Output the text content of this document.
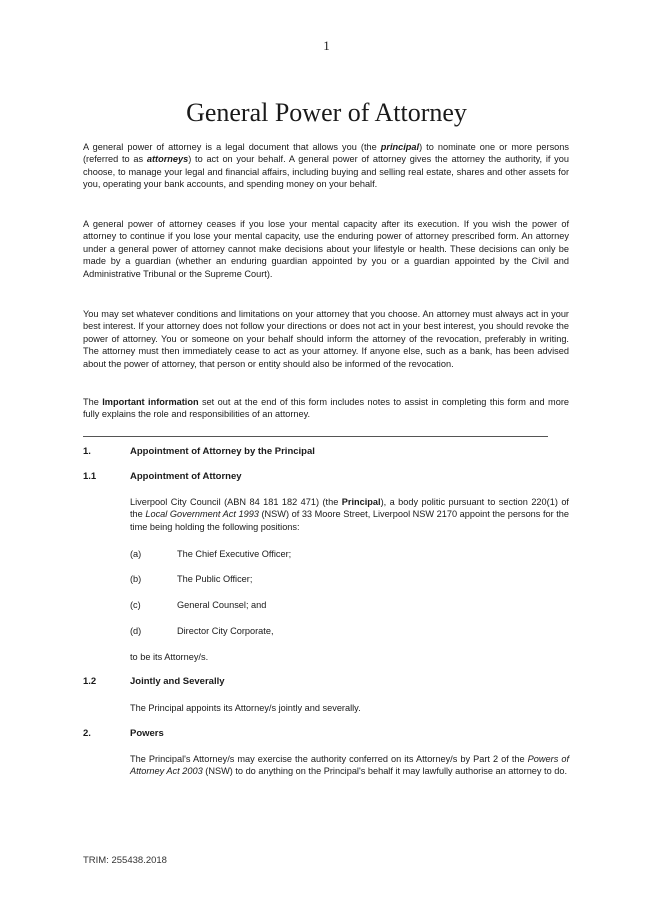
1
General Power of Attorney

A general power of attorney is a legal document that allows you (the principal) to nominate one or more persons (referred to as attorneys) to act on your behalf. A general power of attorney gives the attorney the authority, if you choose, to manage your legal and financial affairs, including buying and selling real estate, shares and other assets for you, operating your bank accounts, and spending money on your behalf.

A general power of attorney ceases if you lose your mental capacity after its execution. If you wish the power of attorney to continue if you lose your mental capacity, use the enduring power of attorney prescribed form. An attorney under a general power of attorney cannot make decisions about your lifestyle or health. These decisions can only be made by a guardian (whether an enduring guardian appointed by you or a guardian appointed by the Civil and Administrative Tribunal or the Supreme Court).

You may set whatever conditions and limitations on your attorney that you choose. An attorney must always act in your best interest. If your attorney does not follow your directions or does not act in your best interest, you should revoke the power of attorney. You or someone on your behalf should inform the attorney of the revocation, preferably in writing. The attorney must then immediately cease to act as your attorney. If anyone else, such as a bank, has been advised about the power of attorney, that person or entity should also be informed of the revocation.

The Important information set out at the end of this form includes notes to assist in completing this form and more fully explains the role and responsibilities of an attorney.

1.	Appointment of Attorney by the Principal
1.1	Appointment of Attorney

Liverpool City Council (ABN 84 181 182 471) (the Principal), a body politic pursuant to section 220(1) of the Local Government Act 1993 (NSW) of 33 Moore Street, Liverpool NSW 2170 appoint the persons for the time being holding the following positions:

(a)	The Chief Executive Officer;
(b)	The Public Officer;
(c)	General Counsel; and
(d)	Director City Corporate,
to be its Attorney/s.
1.2	Jointly and Severally
The Principal appoints its Attorney/s jointly and severally.
2.	Powers

The Principal's Attorney/s may exercise the authority conferred on its Attorney/s by Part 2 of the Powers of Attorney Act 2003 (NSW) to do anything on the Principal's behalf it may lawfully authorise an attorney to do.

TRIM: 255438.2018
